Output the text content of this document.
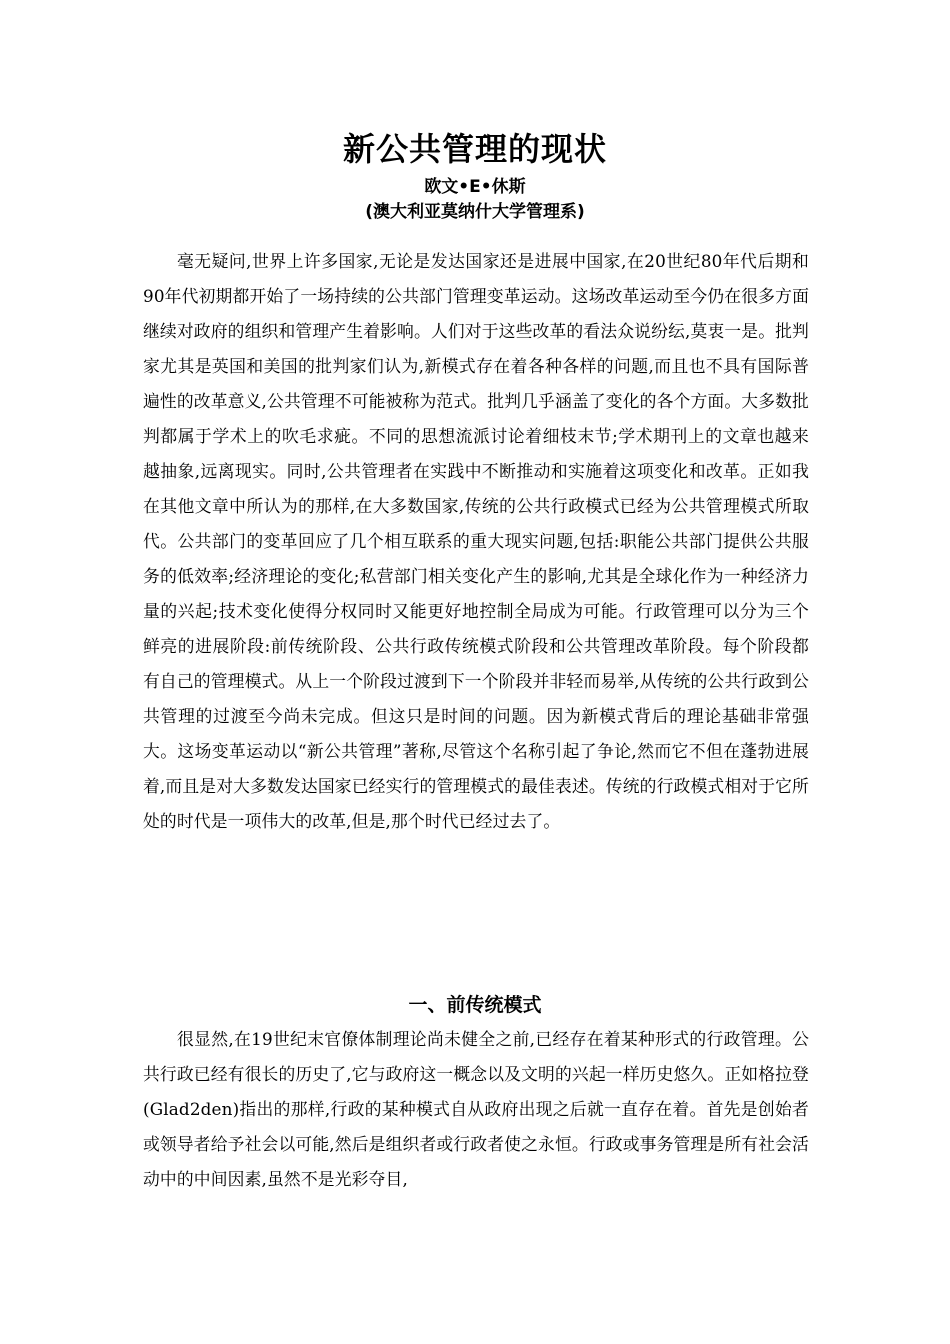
新公共管理的现状
欧文•E•休斯
(澳大利亚莫纳什大学管理系)

毫无疑问,世界上许多国家,无论是发达国家还是进展中国家,在20世纪80年代后期和90年代初期都开始了一场持续的公共部门管理变革运动。这场改革运动至今仍在很多方面继续对政府的组织和管理产生着影响。人们对于这些改革的看法众说纷纭,莫衷一是。批判家尤其是英国和美国的批判家们认为,新模式存在着各种各样的问题,而且也不具有国际普遍性的改革意义,公共管理不可能被称为范式。批判几乎涵盖了变化的各个方面。大多数批判都属于学术上的吹毛求疵。不同的思想流派讨论着细枝末节;学术期刊上的文章也越来越抽象,远离现实。同时,公共管理者在实践中不断推动和实施着这项变化和改革。正如我在其他文章中所认为的那样,在大多数国家,传统的公共行政模式已经为公共管理模式所取代。公共部门的变革回应了几个相互联系的重大现实问题,包括:职能公共部门提供公共服务的低效率;经济理论的变化;私营部门相关变化产生的影响,尤其是全球化作为一种经济力量的兴起;技术变化使得分权同时又能更好地控制全局成为可能。行政管理可以分为三个鲜亮的进展阶段:前传统阶段、公共行政传统模式阶段和公共管理改革阶段。每个阶段都有自己的管理模式。从上一个阶段过渡到下一个阶段并非轻而易举,从传统的公共行政到公共管理的过渡至今尚未完成。但这只是时间的问题。因为新模式背后的理论基础非常强大。这场变革运动以“新公共管理”著称,尽管这个名称引起了争论,然而它不但在蓬勃进展着,而且是对大多数发达国家已经实行的管理模式的最佳表述。传统的行政模式相对于它所处的时代是一项伟大的改革,但是,那个时代已经过去了。

一、前传统模式

很显然,在19世纪末官僚体制理论尚未健全之前,已经存在着某种形式的行政管理。公共行政已经有很长的历史了,它与政府这一概念以及文明的兴起一样历史悠久。正如格拉登(Glad2den)指出的那样,行政的某种模式自从政府出现之后就一直存在着。首先是创始者或领导者给予社会以可能,然后是组织者或行政者使之永恒。行政或事务管理是所有社会活动中的中间因素,虽然不是光彩夺目,
